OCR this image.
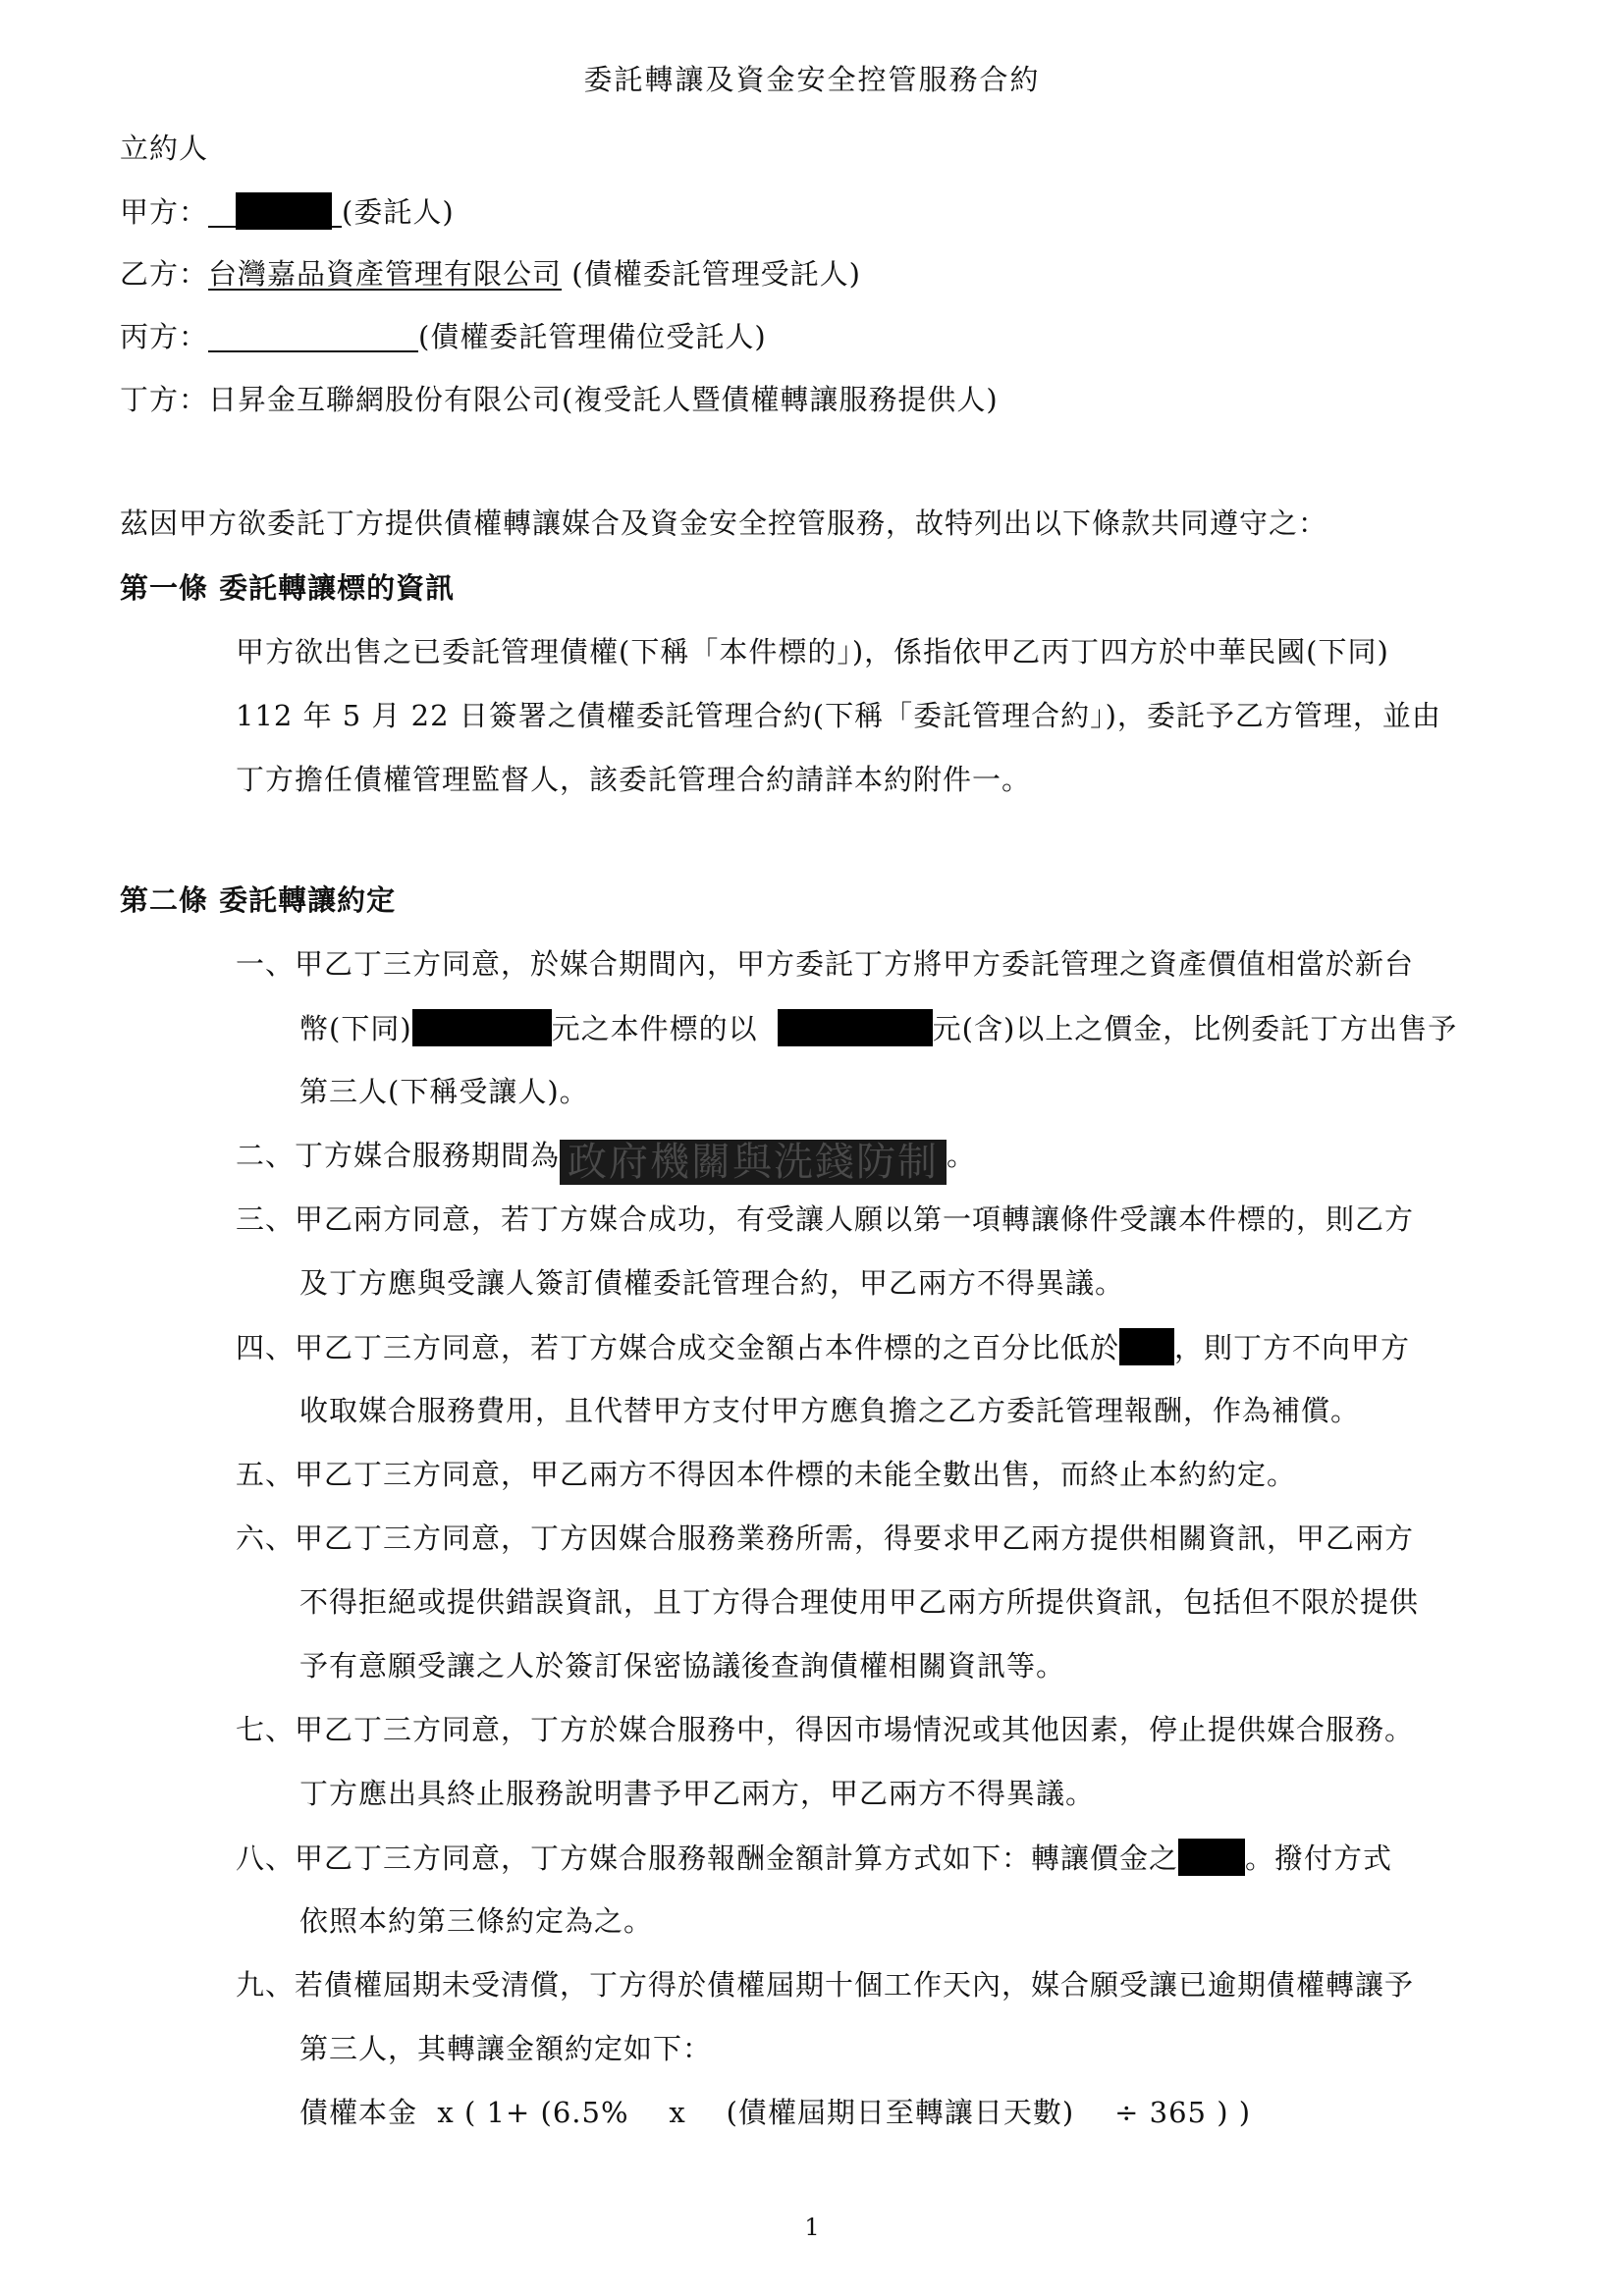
委託轉讓及資金安全控管服務合約
立約人
甲方：	(委託人)
乙方：台灣嘉品資產管理有限公司 (債權委託管理受託人)
丙方：	(債權委託管理備位受託人)
丁方：日昇金互聯網股份有限公司(複受託人暨債權轉讓服務提供人)
茲因甲方欲委託丁方提供債權轉讓媒合及資金安全控管服務，故特列出以下條款共同遵守之：
第一條 委託轉讓標的資訊
甲方欲出售之已委託管理債權(下稱「本件標的」)，係指依甲乙丙丁四方於中華民國(下同)
112 年 5 月 22 日簽署之債權委託管理合約(下稱「委託管理合約」)，委託予乙方管理，並由
丁方擔任債權管理監督人，該委託管理合約請詳本約附件一。
第二條 委託轉讓約定
一、甲乙丁三方同意，於媒合期間內，甲方委託丁方將甲方委託管理之資產價值相當於新台
幣(下同)	元之本件標的以	元(含)以上之價金，比例委託丁方出售予
第三人(下稱受讓人)。
二、丁方媒合服務期間為 政府機關與洗錢防制 。
三、甲乙兩方同意，若丁方媒合成功，有受讓人願以第一項轉讓條件受讓本件標的，則乙方
及丁方應與受讓人簽訂債權委託管理合約，甲乙兩方不得異議。
四、甲乙丁三方同意，若丁方媒合成交金額占本件標的之百分比低於 ，則丁方不向甲方
收取媒合服務費用，且代替甲方支付甲方應負擔之乙方委託管理報酬，作為補償。
五、甲乙丁三方同意，甲乙兩方不得因本件標的未能全數出售，而終止本約約定。
六、甲乙丁三方同意，丁方因媒合服務業務所需，得要求甲乙兩方提供相關資訊，甲乙兩方
不得拒絕或提供錯誤資訊，且丁方得合理使用甲乙兩方所提供資訊，包括但不限於提供
予有意願受讓之人於簽訂保密協議後查詢債權相關資訊等。
七、甲乙丁三方同意，丁方於媒合服務中，得因市場情況或其他因素，停止提供媒合服務。
丁方應出具終止服務說明書予甲乙兩方，甲乙兩方不得異議。
八、甲乙丁三方同意，丁方媒合服務報酬金額計算方式如下：轉讓價金之 。撥付方式
依照本約第三條約定為之。
九、若債權屆期未受清償，丁方得於債權屆期十個工作天內，媒合願受讓已逾期債權轉讓予
第三人，其轉讓金額約定如下：
債權本金  x ( 1+ (6.5%    x    (債權屆期日至轉讓日天數)    ÷ 365 ) )
1
